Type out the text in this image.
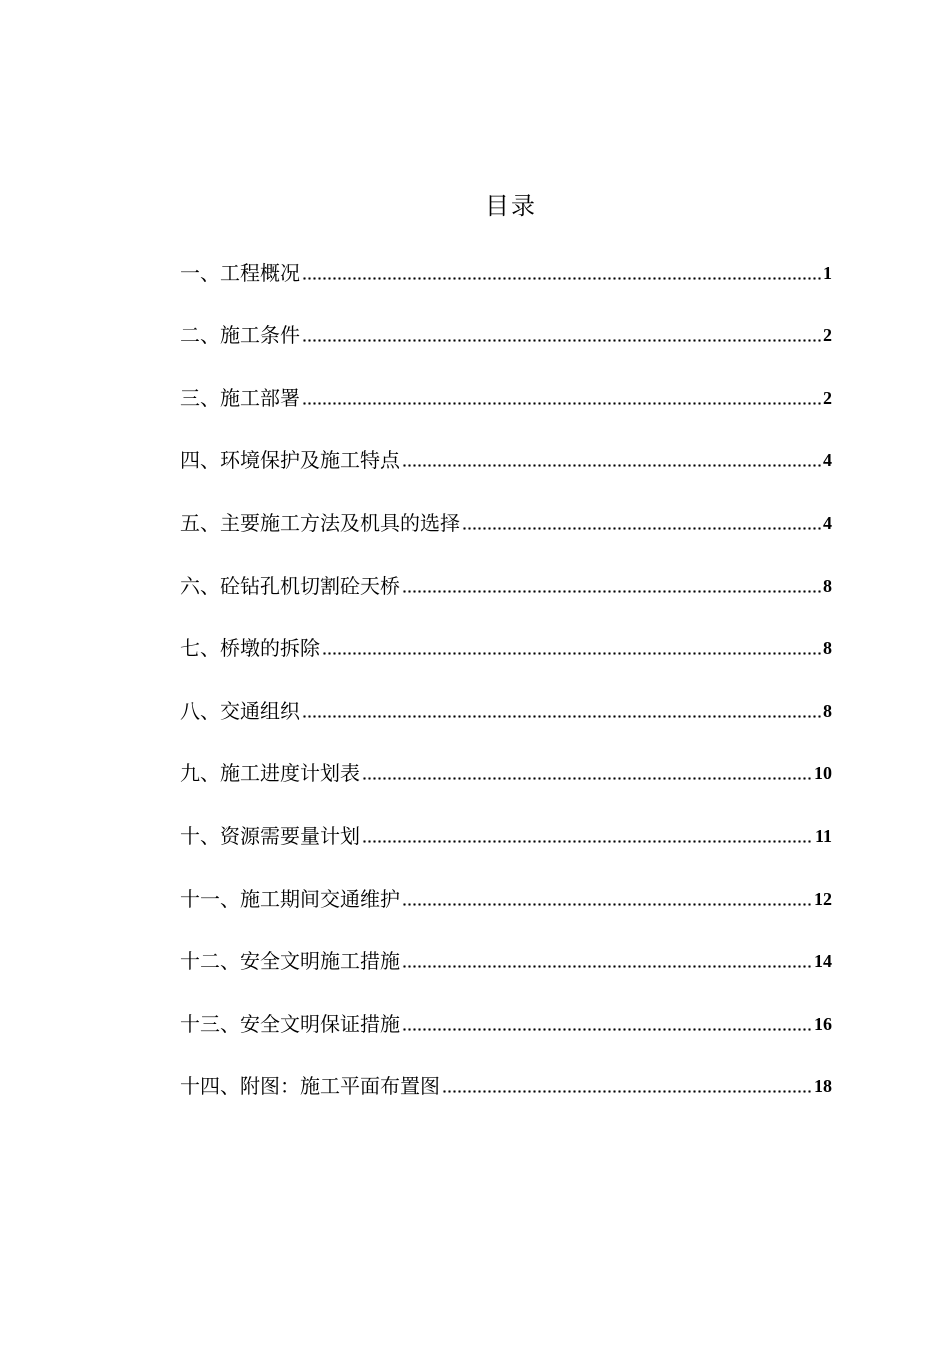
目录
一、工程概况	1
二、施工条件	2
三、施工部署	2
四、环境保护及施工特点	4
五、主要施工方法及机具的选择	4
六、砼钻孔机切割砼天桥	8
七、桥墩的拆除	8
八、交通组织	8
九、施工进度计划表	10
十、资源需要量计划	11
十一、施工期间交通维护	12
十二、安全文明施工措施	14
十三、安全文明保证措施	16
十四、附图：施工平面布置图	18
